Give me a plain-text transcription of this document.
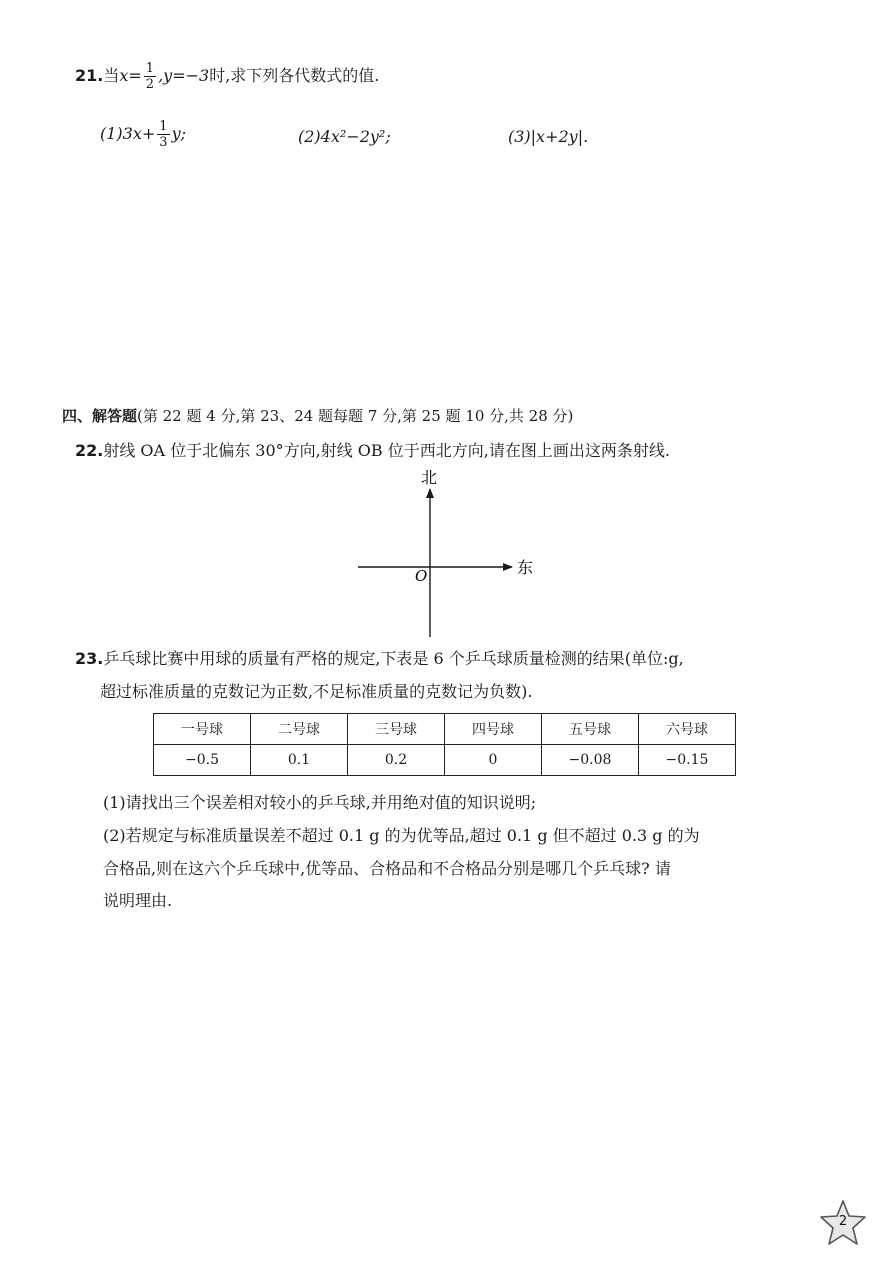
21.当$x= \frac{1}{2} ,y=-3$时,求下列各代数式的值.
$(1)3x+ \frac{1}{3} y$;	(2)4x²−2y²;	(3)|x+2y|.
四、解答题(第 22 题 4 分,第 23、24 题每题 7 分,第 25 题 10 分,共 28 分)
22.射线 OA 位于北偏东 30°方向,射线 OB 位于西北方向,请在图上画出这两条射线.
北
东
O
23.乒乓球比赛中用球的质量有严格的规定,下表是 6 个乒乓球质量检测的结果(单位:g,
超过标准质量的克数记为正数,不足标准质量的克数记为负数).
一号球	二号球	三号球	四号球	五号球	六号球
−0.5	0.1	0.2	0	−0.08	−0.15
(1)请找出三个误差相对较小的乒乓球,并用绝对值的知识说明;
(2)若规定与标准质量误差不超过 0.1 g 的为优等品,超过 0.1 g 但不超过 0.3 g 的为
合格品,则在这六个乒乓球中,优等品、合格品和不合格品分别是哪几个乒乓球? 请
说明理由.
2
